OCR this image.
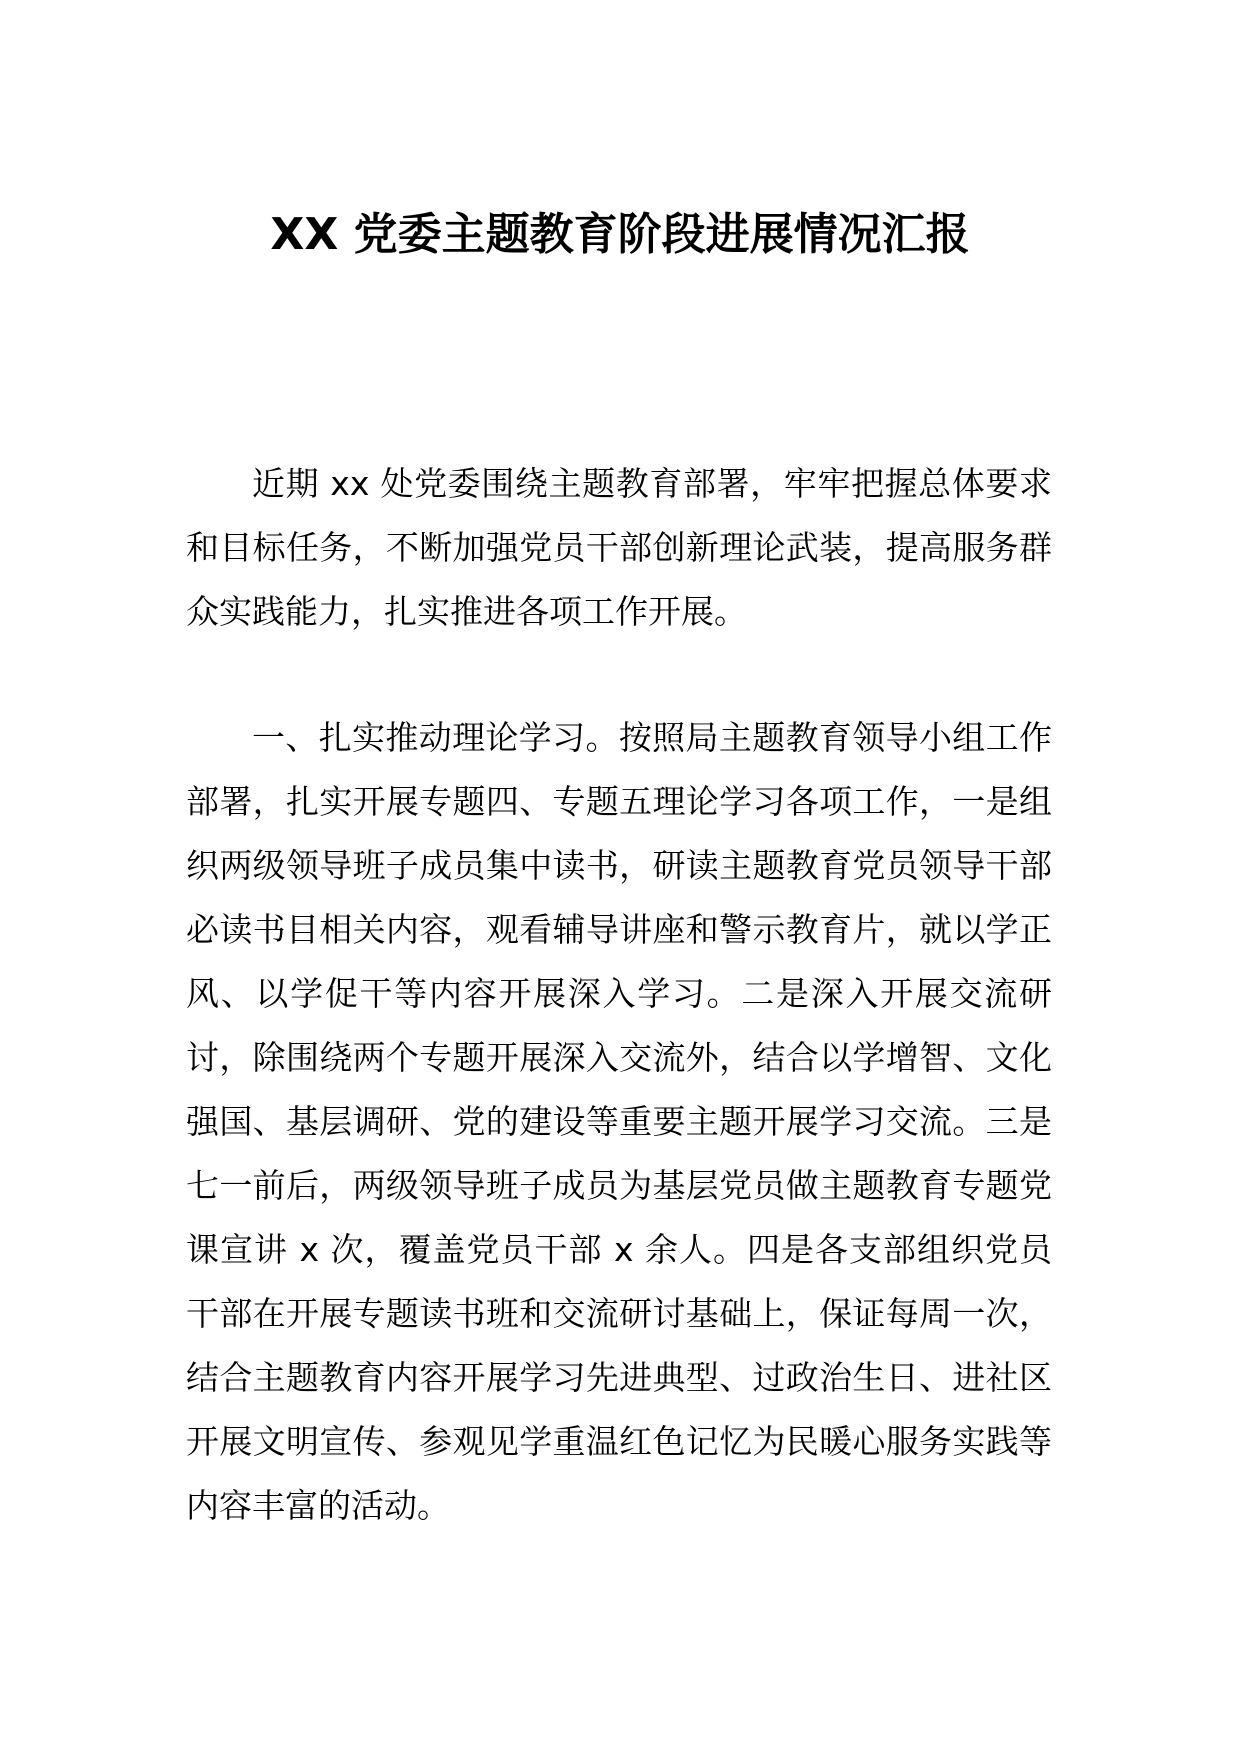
XX 党委主题教育阶段进展情况汇报

近期 xx 处党委围绕主题教育部署，牢牢把握总体要求和目标任务，不断加强党员干部创新理论武装，提高服务群众实践能力，扎实推进各项工作开展。

一、扎实推动理论学习。按照局主题教育领导小组工作部署，扎实开展专题四、专题五理论学习各项工作，一是组织两级领导班子成员集中读书，研读主题教育党员领导干部必读书目相关内容，观看辅导讲座和警示教育片，就以学正风、以学促干等内容开展深入学习。二是深入开展交流研讨，除围绕两个专题开展深入交流外，结合以学增智、文化强国、基层调研、党的建设等重要主题开展学习交流。三是七一前后，两级领导班子成员为基层党员做主题教育专题党课宣讲 x 次，覆盖党员干部 x 余人。四是各支部组织党员干部在开展专题读书班和交流研讨基础上，保证每周一次，结合主题教育内容开展学习先进典型、过政治生日、进社区开展文明宣传、参观见学重温红色记忆为民暖心服务实践等内容丰富的活动。
